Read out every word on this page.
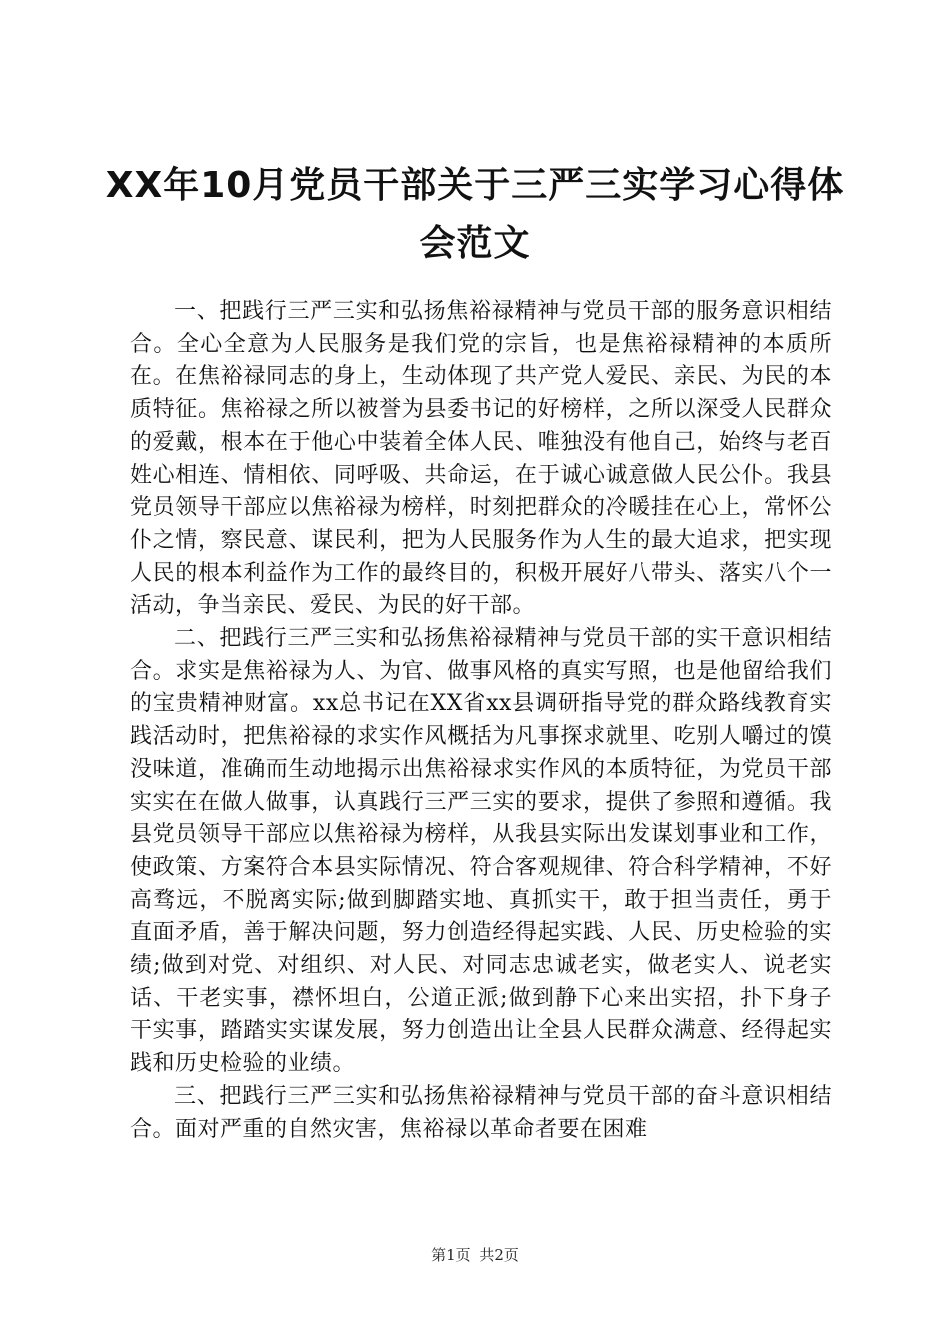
XX年10月党员干部关于三严三实学习心得体
会范文

一、把践行三严三实和弘扬焦裕禄精神与党员干部的服务意识相结合。全心全意为人民服务是我们党的宗旨，也是焦裕禄精神的本质所在。在焦裕禄同志的身上，生动体现了共产党人爱民、亲民、为民的本质特征。焦裕禄之所以被誉为县委书记的好榜样，之所以深受人民群众的爱戴，根本在于他心中装着全体人民、唯独没有他自己，始终与老百姓心相连、情相依、同呼吸、共命运，在于诚心诚意做人民公仆。我县党员领导干部应以焦裕禄为榜样，时刻把群众的冷暖挂在心上，常怀公仆之情，察民意、谋民利，把为人民服务作为人生的最大追求，把实现人民的根本利益作为工作的最终目的，积极开展好八带头、落实八个一活动，争当亲民、爱民、为民的好干部。

二、把践行三严三实和弘扬焦裕禄精神与党员干部的实干意识相结合。求实是焦裕禄为人、为官、做事风格的真实写照，也是他留给我们的宝贵精神财富。xx总书记在XX省xx县调研指导党的群众路线教育实践活动时，把焦裕禄的求实作风概括为凡事探求就里、吃别人嚼过的馍没味道，准确而生动地揭示出焦裕禄求实作风的本质特征，为党员干部实实在在做人做事，认真践行三严三实的要求，提供了参照和遵循。我县党员领导干部应以焦裕禄为榜样，从我县实际出发谋划事业和工作，使政策、方案符合本县实际情况、符合客观规律、符合科学精神，不好高骛远，不脱离实际;做到脚踏实地、真抓实干，敢于担当责任，勇于直面矛盾，善于解决问题，努力创造经得起实践、人民、历史检验的实绩;做到对党、对组织、对人民、对同志忠诚老实，做老实人、说老实话、干老实事，襟怀坦白，公道正派;做到静下心来出实招，扑下身子干实事，踏踏实实谋发展，努力创造出让全县人民群众满意、经得起实践和历史检验的业绩。

三、把践行三严三实和弘扬焦裕禄精神与党员干部的奋斗意识相结合。面对严重的自然灾害，焦裕禄以革命者要在困难

第1页 共2页
